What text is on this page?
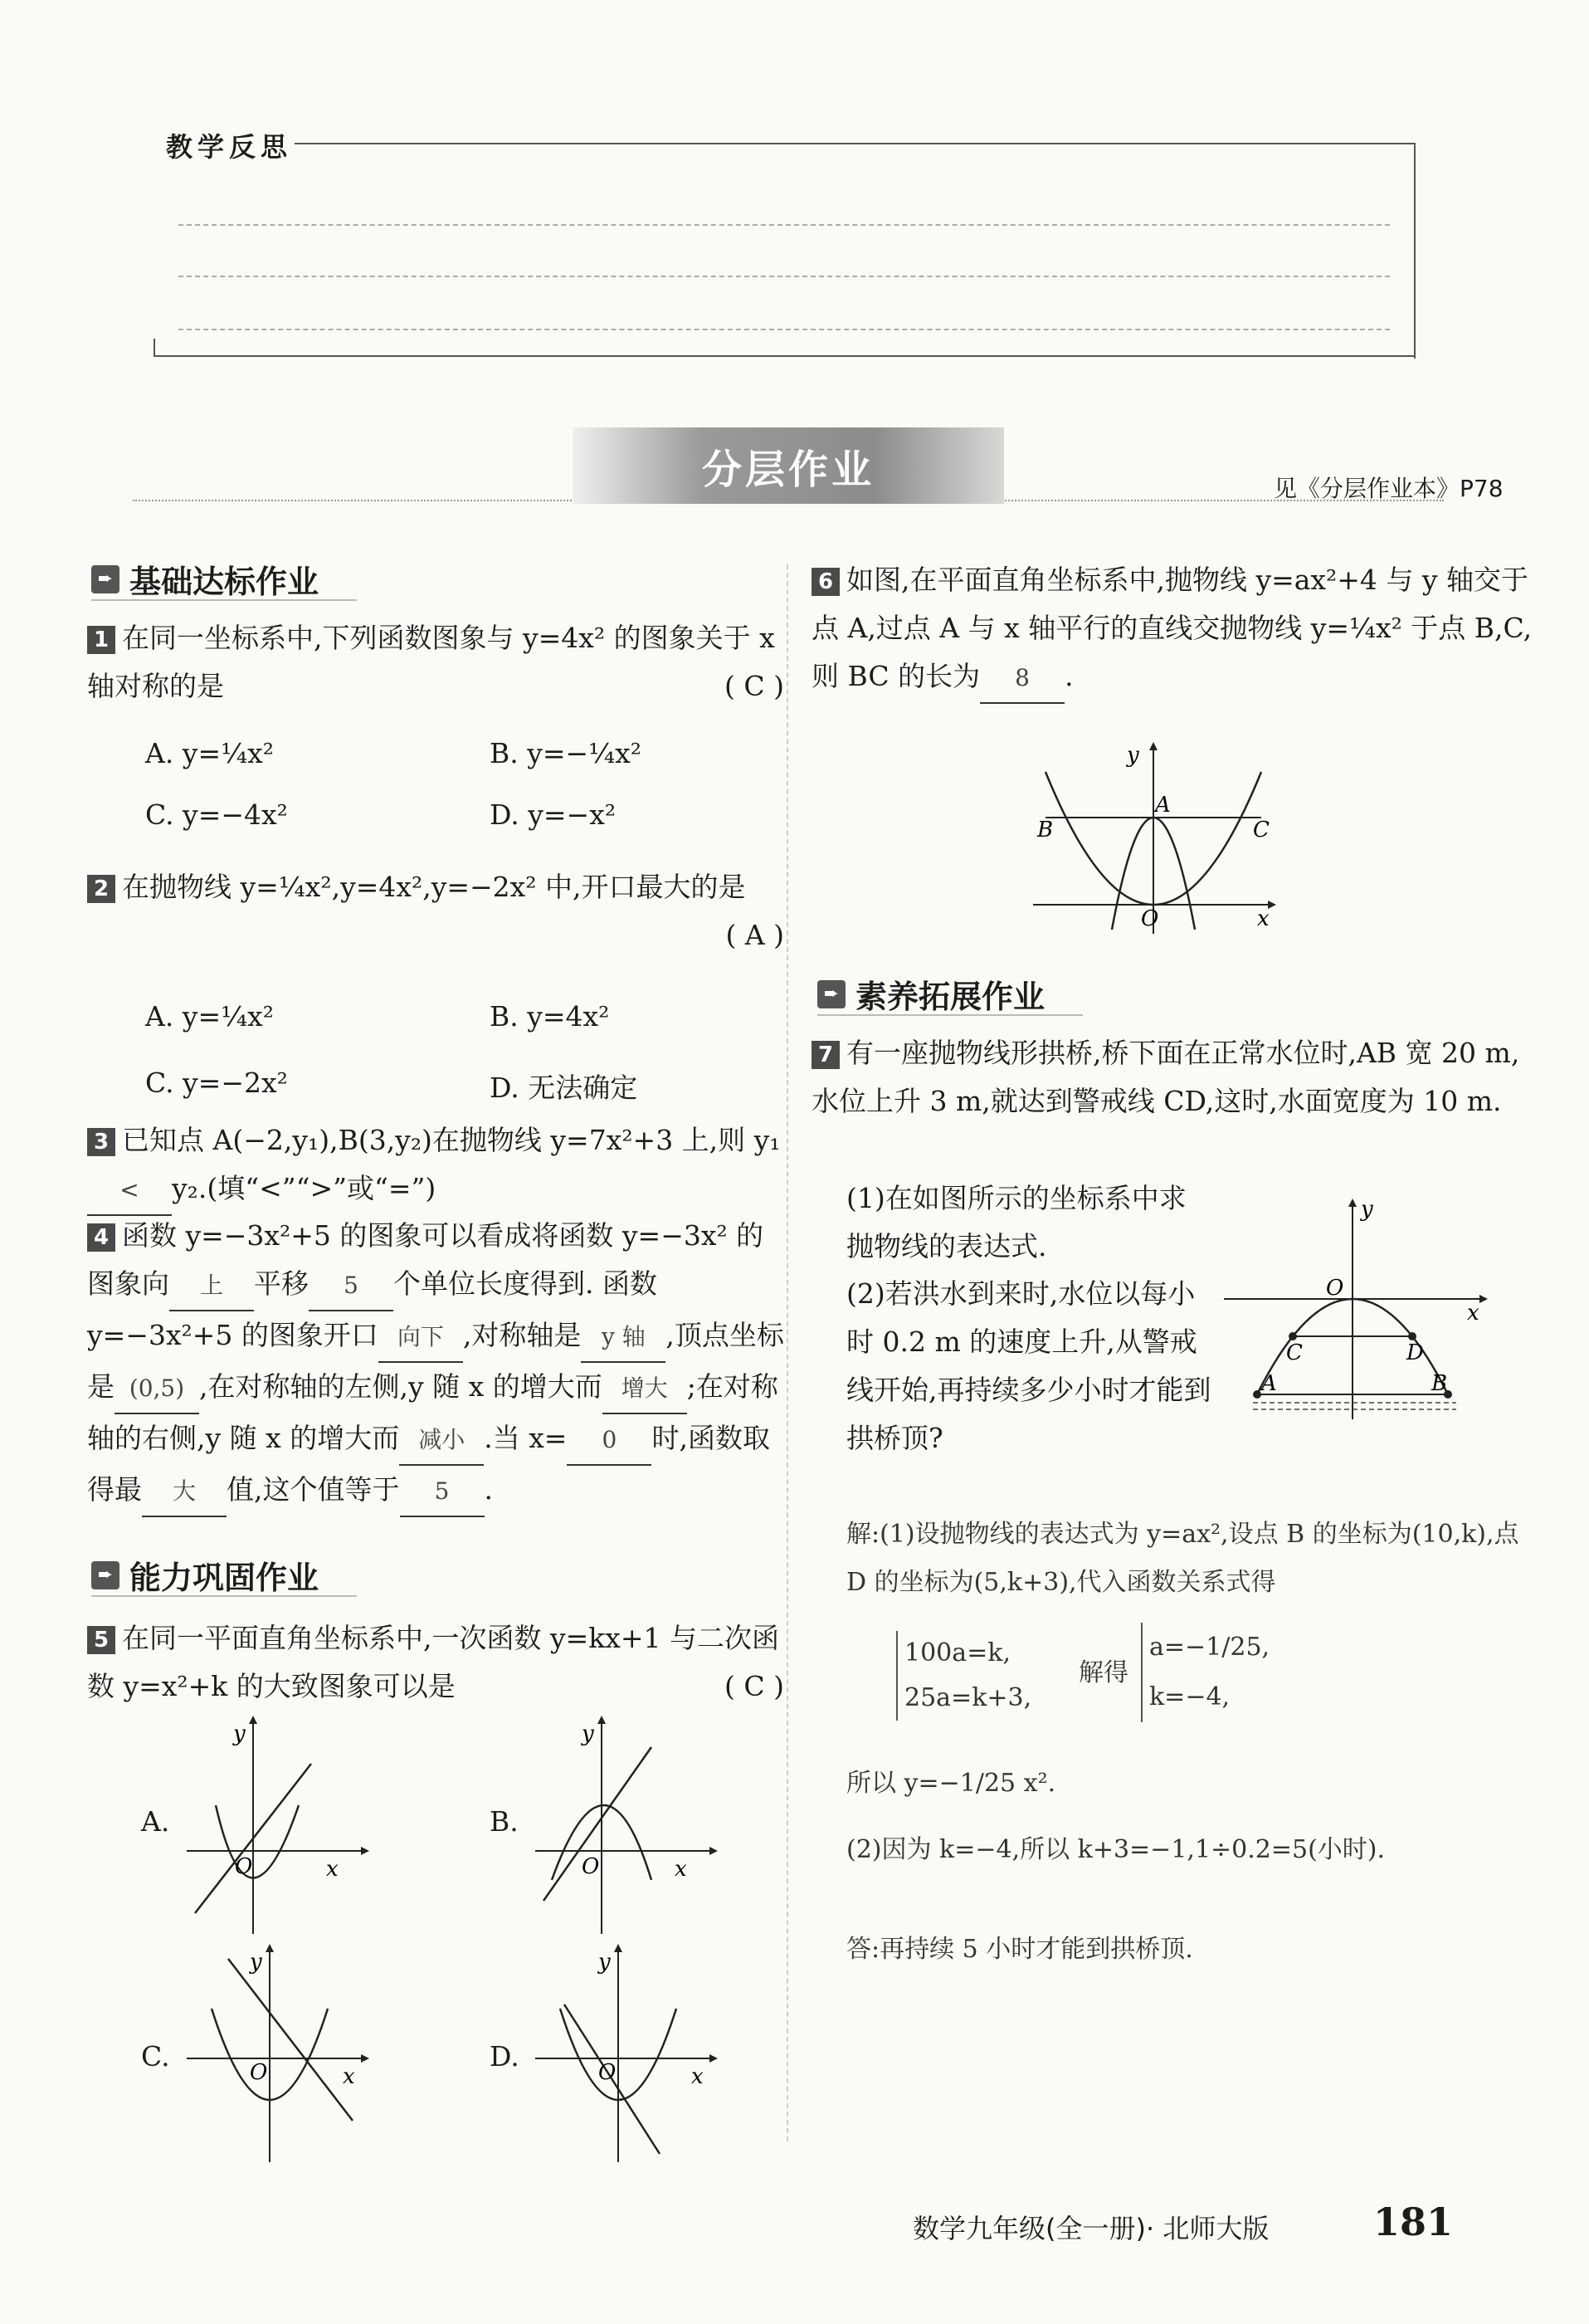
教学反思
分层作业	见《分层作业本》P78
➨ 基础达标作业
1 在同一坐标系中,下列函数图象与 y=4x² 的图象关于 x 轴对称的是	( C )
A. y=¼x²	B. y=−¼x²
C. y=−4x²	D. y=−x²
2 在抛物线 y=¼x²,y=4x²,y=−2x² 中,开口最大的是
( A )
A. y=¼x²	B. y=4x²
C. y=−2x²	D. 无法确定
3 已知点 A(−2,y₁),B(3,y₂)在抛物线 y=7x²+3 上,则 y₁< y₂.(填“<”“>”或“=”)
4 函数 y=−3x²+5 的图象可以看成将函数 y=−3x² 的图象向 上 平移 5 个单位长度得到. 函数 y=−3x²+5 的图象开口 向下 ,对称轴是 y 轴 ,顶点坐标是 (0,5) ,在对称轴的左侧,y 随 x 的增大而 增大 ;在对称轴的右侧,y 随 x 的增大而 减小 .当 x= 0 时,函数取得最 大 值,这个值等于 5 .
➨ 能力巩固作业
5 在同一平面直角坐标系中,一次函数 y=kx+1 与二次函数 y=x²+k 的大致图象可以是	( C )
A.
y
x
O
B.
y
x
O
C.
y
x
O	D.
y
x
O
6 如图,在平面直角坐标系中,抛物线 y=ax²+4 与 y 轴交于点 A,过点 A 与 x 轴平行的直线交抛物线 y=¼x² 于点 B,C,则 BC 的长为 8 .
y
x
O
A
B	C
➨ 素养拓展作业
7 有一座抛物线形拱桥,桥下面在正常水位时,AB 宽 20 m,水位上升 3 m,就达到警戒线 CD,这时,水面宽度为 10 m.
(1)在如图所示的坐标系中求抛物线的表达式.
(2)若洪水到来时,水位以每小时 0.2 m 的速度上升,从警戒线开始,再持续多少小时才能到拱桥顶?
y
x
O
C	D
A	B
解:(1)设抛物线的表达式为 y=ax²,设点 B 的坐标为(10,k),点 D 的坐标为(5,k+3),代入函数关系式得
100a=k,
25a=k+3,
解得
a=−1/25,
k=−4,
所以 y=−1/25 x².
(2)因为 k=−4,所以 k+3=−1,1÷0.2=5(小时).
答:再持续 5 小时才能到拱桥顶.
数学九年级(全一册)· 北师大版	181
